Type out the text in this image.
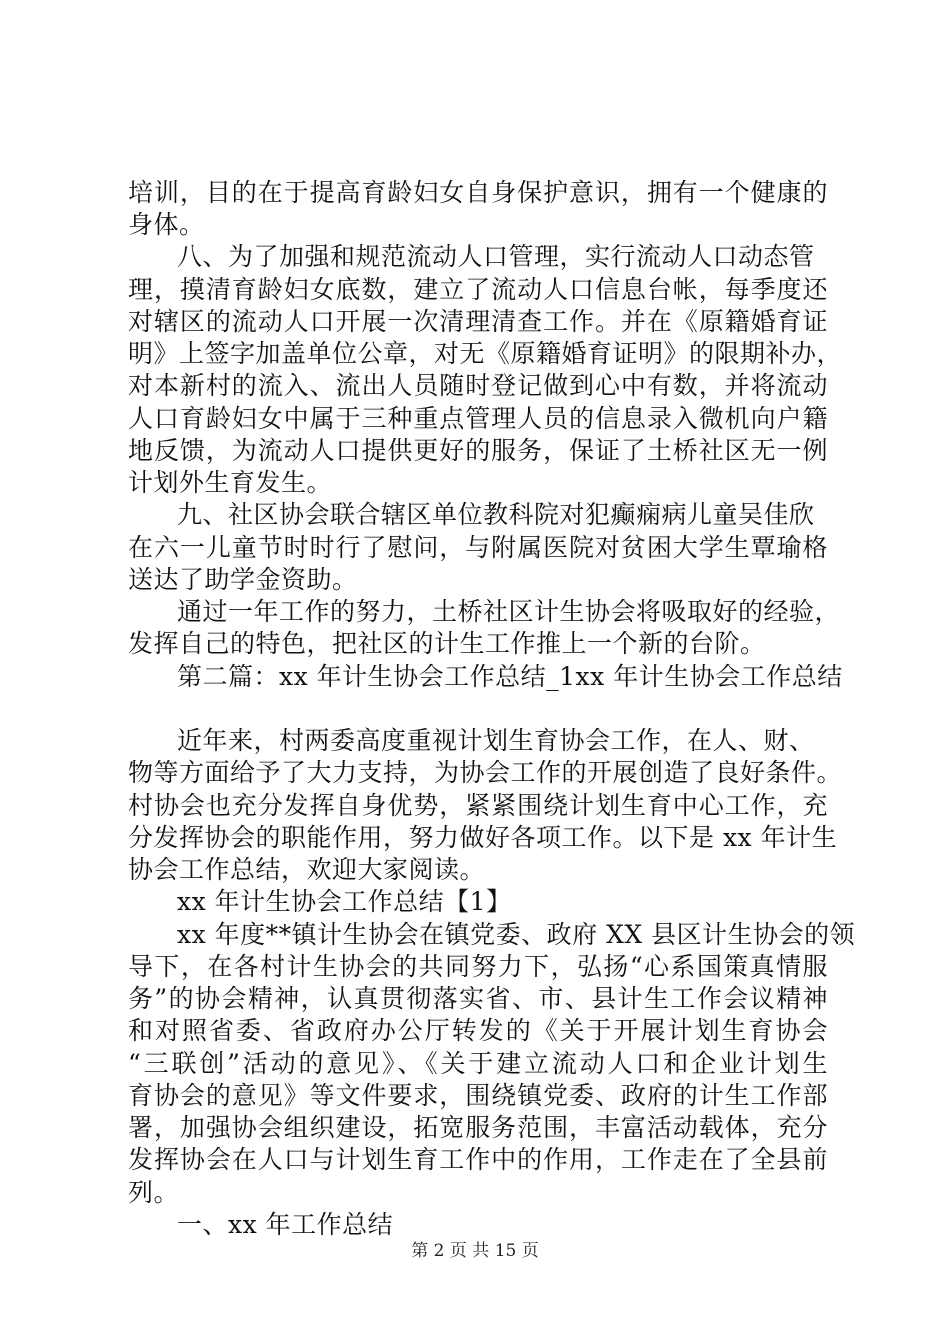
培训，目的在于提高育龄妇女自身保护意识，拥有一个健康的
身体。
八、为了加强和规范流动人口管理，实行流动人口动态管
理，摸清育龄妇女底数，建立了流动人口信息台帐，每季度还
对辖区的流动人口开展一次清理清查工作。并在《原籍婚育证
明》上签字加盖单位公章，对无《原籍婚育证明》的限期补办，
对本新村的流入、流出人员随时登记做到心中有数，并将流动
人口育龄妇女中属于三种重点管理人员的信息录入微机向户籍
地反馈，为流动人口提供更好的服务，保证了土桥社区无一例
计划外生育发生。
九、社区协会联合辖区单位教科院对犯癫痫病儿童吴佳欣
在六一儿童节时时行了慰问，与附属医院对贫困大学生覃瑜格
送达了助学金资助。
通过一年工作的努力，土桥社区计生协会将吸取好的经验，
发挥自己的特色，把社区的计生工作推上一个新的台阶。
第二篇：xx 年计生协会工作总结_1xx 年计生协会工作总结
近年来，村两委高度重视计划生育协会工作，在人、财、
物等方面给予了大力支持，为协会工作的开展创造了良好条件。
村协会也充分发挥自身优势，紧紧围绕计划生育中心工作，充
分发挥协会的职能作用，努力做好各项工作。以下是 xx 年计生
协会工作总结，欢迎大家阅读。
xx 年计生协会工作总结【1】
xx 年度**镇计生协会在镇党委、政府 XX 县区计生协会的领
导下，在各村计生协会的共同努力下，弘扬“心系国策真情服
务”的协会精神，认真贯彻落实省、市、县计生工作会议精神
和对照省委、省政府办公厅转发的《关于开展计划生育协会
“三联创”活动的意见》、《关于建立流动人口和企业计划生
育协会的意见》等文件要求，围绕镇党委、政府的计生工作部
署，加强协会组织建设，拓宽服务范围，丰富活动载体，充分
发挥协会在人口与计划生育工作中的作用，工作走在了全县前
列。
一、xx 年工作总结
第 2 页 共 15 页
